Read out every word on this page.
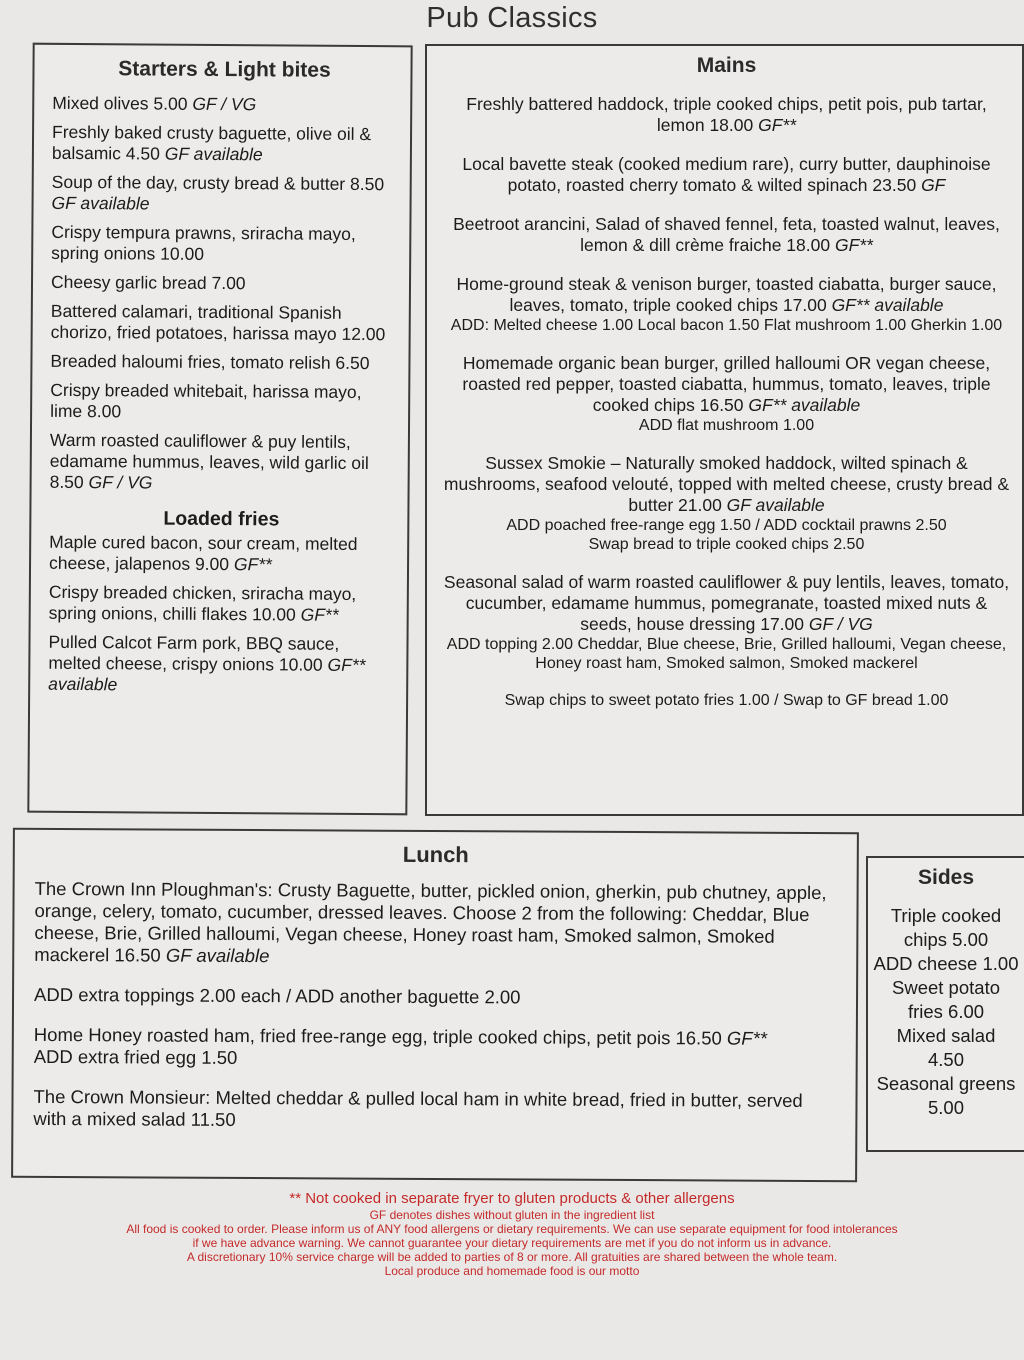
Pub Classics
Starters & Light bites
Mixed olives 5.00 GF / VG
Freshly baked crusty baguette, olive oil & balsamic 4.50 GF available
Soup of the day, crusty bread & butter 8.50 GF available
Crispy tempura prawns, sriracha mayo, spring onions 10.00
Cheesy garlic bread 7.00
Battered calamari, traditional Spanish chorizo, fried potatoes, harissa mayo 12.00
Breaded haloumi fries, tomato relish 6.50
Crispy breaded whitebait, harissa mayo, lime 8.00
Warm roasted cauliflower & puy lentils, edamame hummus, leaves, wild garlic oil 8.50 GF / VG
Loaded fries
Maple cured bacon, sour cream, melted cheese, jalapenos 9.00 GF**
Crispy breaded chicken, sriracha mayo, spring onions, chilli flakes 10.00 GF**
Pulled Calcot Farm pork, BBQ sauce, melted cheese, crispy onions 10.00 GF** available
Mains
Freshly battered haddock, triple cooked chips, petit pois, pub tartar, lemon 18.00 GF**
Local bavette steak (cooked medium rare), curry butter, dauphinoise potato, roasted cherry tomato & wilted spinach 23.50 GF
Beetroot arancini, Salad of shaved fennel, feta, toasted walnut, leaves, lemon & dill crème fraiche 18.00 GF**
Home-ground steak & venison burger, toasted ciabatta, burger sauce, leaves, tomato, triple cooked chips 17.00 GF** available
ADD: Melted cheese 1.00 Local bacon 1.50 Flat mushroom 1.00 Gherkin 1.00
Homemade organic bean burger, grilled halloumi OR vegan cheese, roasted red pepper, toasted ciabatta, hummus, tomato, leaves, triple cooked chips 16.50 GF** available
ADD flat mushroom 1.00
Sussex Smokie – Naturally smoked haddock, wilted spinach & mushrooms, seafood velouté, topped with melted cheese, crusty bread & butter 21.00 GF available
ADD poached free-range egg 1.50 / ADD cocktail prawns 2.50
Swap bread to triple cooked chips 2.50
Seasonal salad of warm roasted cauliflower & puy lentils, leaves, tomato, cucumber, edamame hummus, pomegranate, toasted mixed nuts & seeds, house dressing 17.00 GF / VG
ADD topping 2.00 Cheddar, Blue cheese, Brie, Grilled halloumi, Vegan cheese, Honey roast ham, Smoked salmon, Smoked mackerel
Swap chips to sweet potato fries 1.00 / Swap to GF bread 1.00
Lunch
The Crown Inn Ploughman's: Crusty Baguette, butter, pickled onion, gherkin, pub chutney, apple, orange, celery, tomato, cucumber, dressed leaves. Choose 2 from the following: Cheddar, Blue cheese, Brie, Grilled halloumi, Vegan cheese, Honey roast ham, Smoked salmon, Smoked mackerel 16.50 GF available
ADD extra toppings 2.00 each / ADD another baguette 2.00
Home Honey roasted ham, fried free-range egg, triple cooked chips, petit pois 16.50 GF**
ADD extra fried egg 1.50
The Crown Monsieur: Melted cheddar & pulled local ham in white bread, fried in butter, served with a mixed salad 11.50
Sides
Triple cooked
chips 5.00
ADD cheese 1.00
Sweet potato
fries 6.00
Mixed salad
4.50
Seasonal greens
5.00
** Not cooked in separate fryer to gluten products & other allergens
GF denotes dishes without gluten in the ingredient list
All food is cooked to order. Please inform us of ANY food allergens or dietary requirements. We can use separate equipment for food intolerances
if we have advance warning. We cannot guarantee your dietary requirements are met if you do not inform us in advance.
A discretionary 10% service charge will be added to parties of 8 or more. All gratuities are shared between the whole team.
Local produce and homemade food is our motto
